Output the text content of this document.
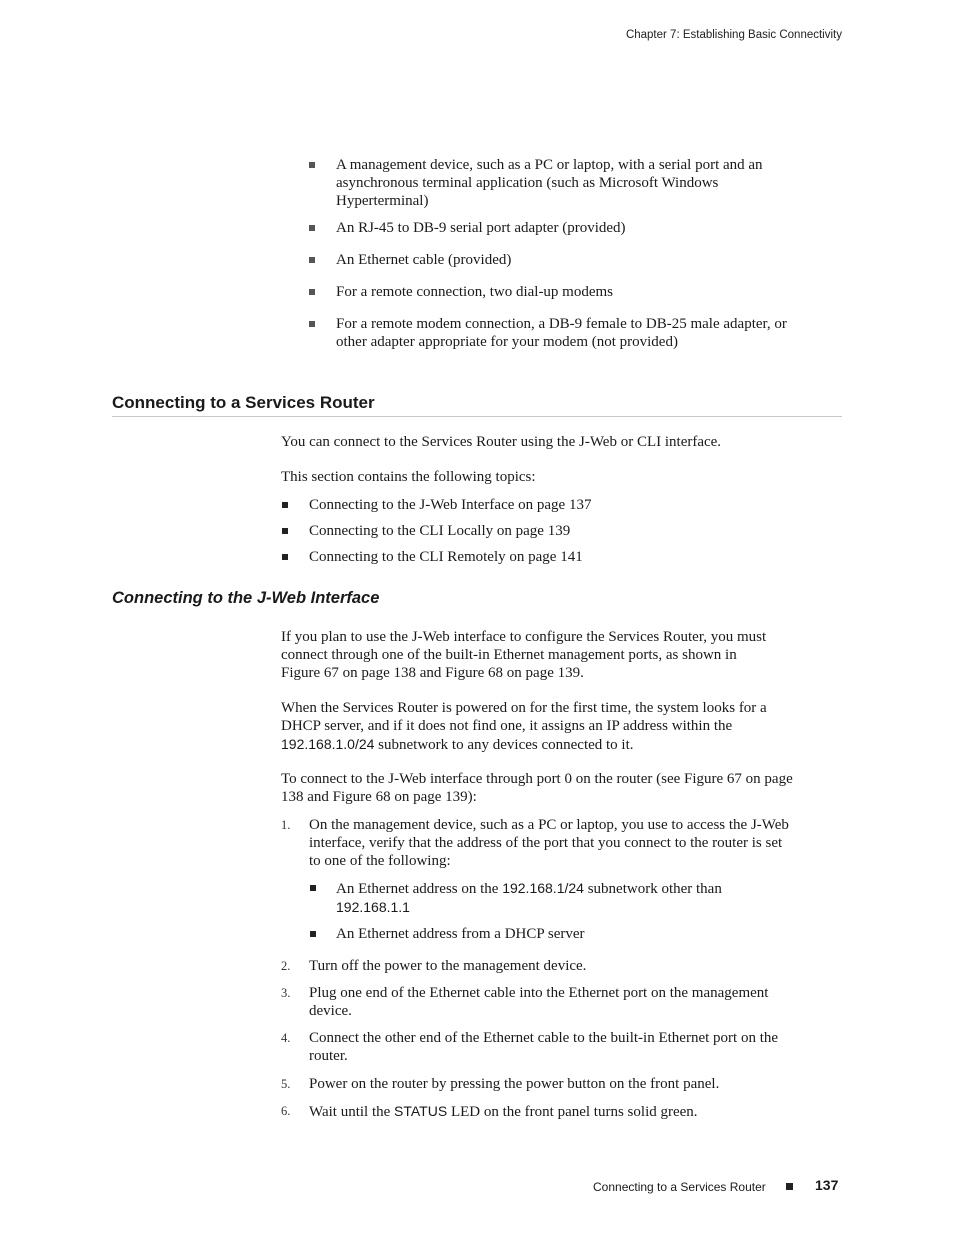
Chapter 7: Establishing Basic Connectivity
A management device, such as a PC or laptop, with a serial port and an
asynchronous terminal application (such as Microsoft Windows
Hyperterminal)
An RJ-45 to DB-9 serial port adapter (provided)
An Ethernet cable (provided)
For a remote connection, two dial-up modems
For a remote modem connection, a DB-9 female to DB-25 male adapter, or
other adapter appropriate for your modem (not provided)
Connecting to a Services Router
You can connect to the Services Router using the J-Web or CLI interface.
This section contains the following topics:
Connecting to the J-Web Interface on page 137
Connecting to the CLI Locally on page 139
Connecting to the CLI Remotely on page 141
Connecting to the J-Web Interface
If you plan to use the J-Web interface to configure the Services Router, you must
connect through one of the built-in Ethernet management ports, as shown in
Figure 67 on page 138 and Figure 68 on page 139.
When the Services Router is powered on for the first time, the system looks for a
DHCP server, and if it does not find one, it assigns an IP address within the
192.168.1.0/24 subnetwork to any devices connected to it.
To connect to the J-Web interface through port 0 on the router (see Figure 67 on page
138 and Figure 68 on page 139):
1. On the management device, such as a PC or laptop, you use to access the J-Web
interface, verify that the address of the port that you connect to the router is set
to one of the following:
An Ethernet address on the 192.168.1/24 subnetwork other than
192.168.1.1
An Ethernet address from a DHCP server
2. Turn off the power to the management device.
3. Plug one end of the Ethernet cable into the Ethernet port on the management
device.
4. Connect the other end of the Ethernet cable to the built-in Ethernet port on the
router.
5. Power on the router by pressing the power button on the front panel.
6. Wait until the STATUS LED on the front panel turns solid green.
Connecting to a Services Router	137
